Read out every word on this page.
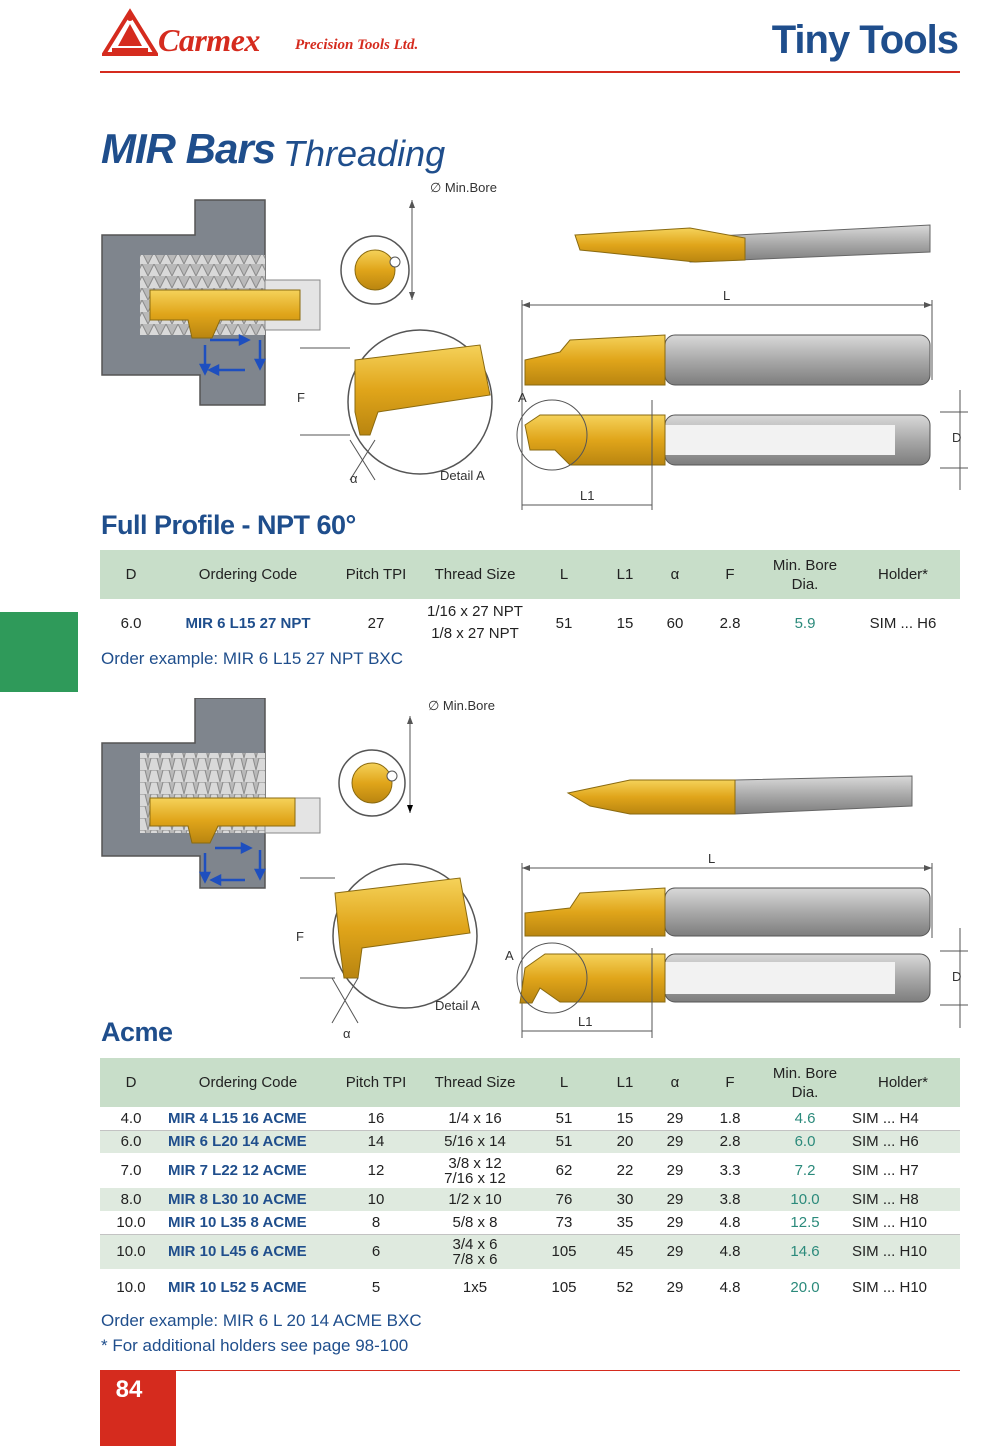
Carmex Precision Tools Ltd.	Tiny Tools
MIR Bars Threading
∅ Min.Bore
α	Detail A
F
L
A
L1
D
Full Profile - NPT 60°
D	Ordering Code	Pitch TPI	Thread Size	L	L1	α	F	Min. Bore Dia.	Holder*
6.0	MIR 6 L15 27 NPT	27	1/16 x 27 NPT
1/8 x 27 NPT	51	15	60	2.8	5.9	SIM ... H6
Order example: MIR 6 L15 27 NPT BXC
∅ Min.Bore
α
Detail A
F
L
A
L1
D
Acme
D	Ordering Code	Pitch TPI	Thread Size	L	L1	α	F	Min. Bore Dia.	Holder*
4.0	MIR 4 L15 16 ACME	16	1/4 x 16	51	15	29	1.8	4.6	SIM ... H4
6.0	MIR 6 L20 14 ACME	14	5/16 x 14	51	20	29	2.8	6.0	SIM ... H6
7.0	MIR 7 L22 12 ACME	12	3/8 x 12
7/16 x 12	62	22	29	3.3	7.2	SIM ... H7
8.0	MIR 8 L30 10 ACME	10	1/2 x 10	76	30	29	3.8	10.0	SIM ... H8
10.0	MIR 10 L35 8 ACME	8	5/8 x 8	73	35	29	4.8	12.5	SIM ... H10
10.0	MIR 10 L45 6 ACME	6	3/4 x 6
7/8 x 6	105	45	29	4.8	14.6	SIM ... H10
10.0	MIR 10 L52 5 ACME	5	1x5	105	52	29	4.8	20.0	SIM ... H10
Order example: MIR 6 L 20 14 ACME BXC
* For additional holders see page 98-100
84
